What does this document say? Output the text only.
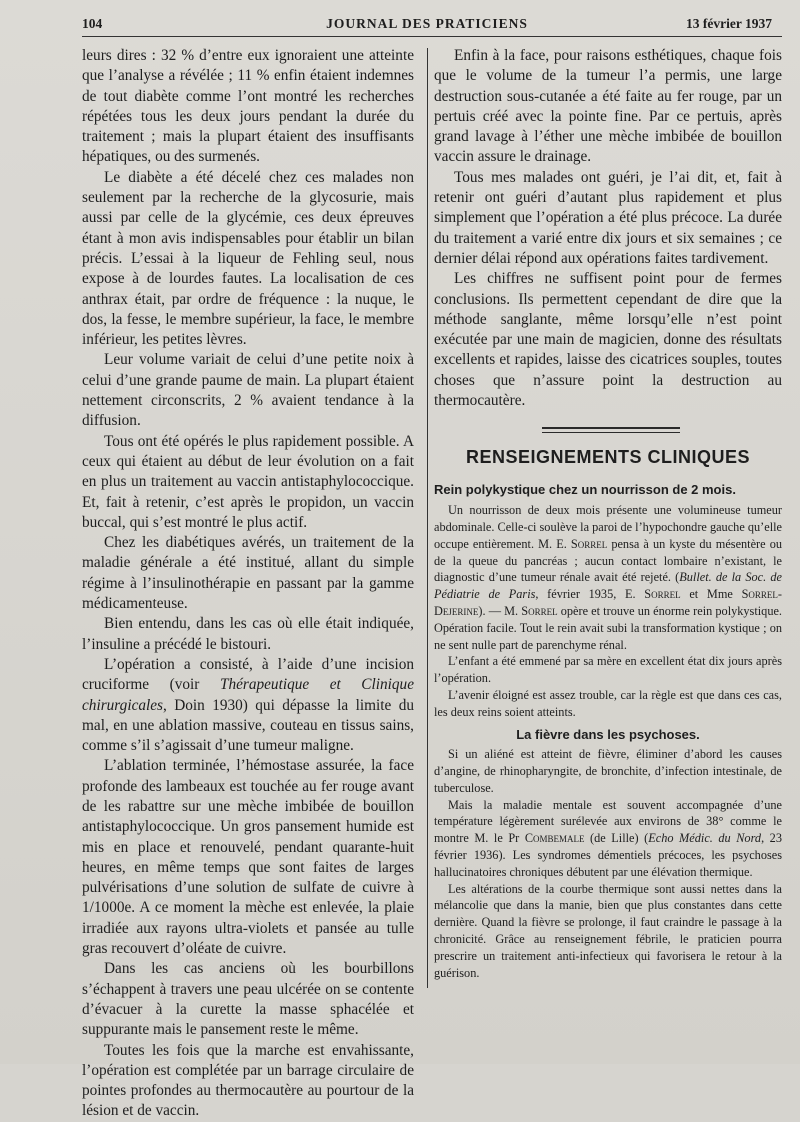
104	JOURNAL DES PRATICIENS	13 février 1937

leurs dires : 32 % d’entre eux ignoraient une atteinte que l’analyse a révélée ; 11 % enfin étaient indemnes de tout diabète comme l’ont montré les recherches répétées tous les deux jours pendant la durée du traitement ; mais la plupart étaient des insuffisants hépatiques, ou des surmenés.

Le diabète a été décelé chez ces malades non seulement par la recherche de la glycosurie, mais aussi par celle de la glycémie, ces deux épreuves étant à mon avis indispensables pour établir un bilan précis. L’essai à la liqueur de Fehling seul, nous expose à de lourdes fautes. La localisation de ces anthrax était, par ordre de fréquence : la nuque, le dos, la fesse, le membre supérieur, la face, le membre inférieur, les petites lèvres.

Leur volume variait de celui d’une petite noix à celui d’une grande paume de main. La plupart étaient nettement circonscrits, 2 % avaient tendance à la diffusion.

Tous ont été opérés le plus rapidement possible. A ceux qui étaient au début de leur évolution on a fait en plus un traitement au vaccin antistaphylococcique. Et, fait à retenir, c’est après le propidon, un vaccin buccal, qui s’est montré le plus actif.

Chez les diabétiques avérés, un traitement de la maladie générale a été institué, allant du simple régime à l’insulinothérapie en passant par la gamme médicamenteuse.

Bien entendu, dans les cas où elle était indiquée, l’insuline a précédé le bistouri.

L’opération a consisté, à l’aide d’une incision cruciforme (voir Thérapeutique et Clinique chirurgicales, Doin 1930) qui dépasse la limite du mal, en une ablation massive, couteau en tissus sains, comme s’il s’agissait d’une tumeur maligne.

L’ablation terminée, l’hémostase assurée, la face profonde des lambeaux est touchée au fer rouge avant de les rabattre sur une mèche imbibée de bouillon antistaphylococcique. Un gros pansement humide est mis en place et renouvelé, pendant quarante-huit heures, en même temps que sont faites de larges pulvérisations d’une solution de sulfate de cuivre à 1/1000e. A ce moment la mèche est enlevée, la plaie irradiée aux rayons ultra-violets et pansée au tulle gras recouvert d’oléate de cuivre.

Dans les cas anciens où les bourbillons s’échappent à travers une peau ulcérée on se contente d’évacuer à la curette la masse sphacélée et suppurante mais le pansement reste le même.

Toutes les fois que la marche est envahissante, l’opération est complétée par un barrage circulaire de pointes profondes au thermocautère au pourtour de la lésion et de vaccin.

Enfin à la face, pour raisons esthétiques, chaque fois que le volume de la tumeur l’a permis, une large destruction sous-cutanée a été faite au fer rouge, par un pertuis créé avec la pointe fine. Par ce pertuis, après grand lavage à l’éther une mèche imbibée de bouillon vaccin assure le drainage.

Tous mes malades ont guéri, je l’ai dit, et, fait à retenir ont guéri d’autant plus rapidement et plus simplement que l’opération a été plus précoce. La durée du traitement a varié entre dix jours et six semaines ; ce dernier délai répond aux opérations faites tardivement.

Les chiffres ne suffisent point pour de fermes conclusions. Ils permettent cependant de dire que la méthode sanglante, même lorsqu’elle n’est point exécutée par une main de magicien, donne des résultats excellents et rapides, laisse des cicatrices souples, toutes choses que n’assure point la destruction au thermocautère.

RENSEIGNEMENTS CLINIQUES
Rein polykystique chez un nourrisson de 2 mois.

Un nourrisson de deux mois présente une volumineuse tumeur abdominale. Celle-ci soulève la paroi de l’hypochondre gauche qu’elle occupe entièrement. M. E. Sorrel pensa à un kyste du mésentère ou de la queue du pancréas ; aucun contact lombaire n’existant, le diagnostic d’une tumeur rénale avait été rejeté. (Bullet. de la Soc. de Pédiatrie de Paris, février 1935, E. Sorrel et Mme Sorrel-Dejerine). — M. Sorrel opère et trouve un énorme rein polykystique. Opération facile. Tout le rein avait subi la transformation kystique ; on ne sent nulle part de parenchyme rénal.

L’enfant a été emmené par sa mère en excellent état dix jours après l’opération.

L’avenir éloigné est assez trouble, car la règle est que dans ces cas, les deux reins soient atteints.

La fièvre dans les psychoses.

Si un aliéné est atteint de fièvre, éliminer d’abord les causes d’angine, de rhinopharyngite, de bronchite, d’infection intestinale, de tuberculose.

Mais la maladie mentale est souvent accompagnée d’une température légèrement surélevée aux environs de 38° comme le montre M. le Pr Combemale (de Lille) (Echo Médic. du Nord, 23 février 1936). Les syndromes démentiels précoces, les psychoses hallucinatoires chroniques débutent par une élévation thermique.

Les altérations de la courbe thermique sont aussi nettes dans la mélancolie que dans la manie, bien que plus constantes dans cette dernière. Quand la fièvre se prolonge, il faut craindre le passage à la chronicité. Grâce au renseignement fébrile, le praticien pourra prescrire un traitement anti-infectieux qui favorisera le retour à la guérison.
